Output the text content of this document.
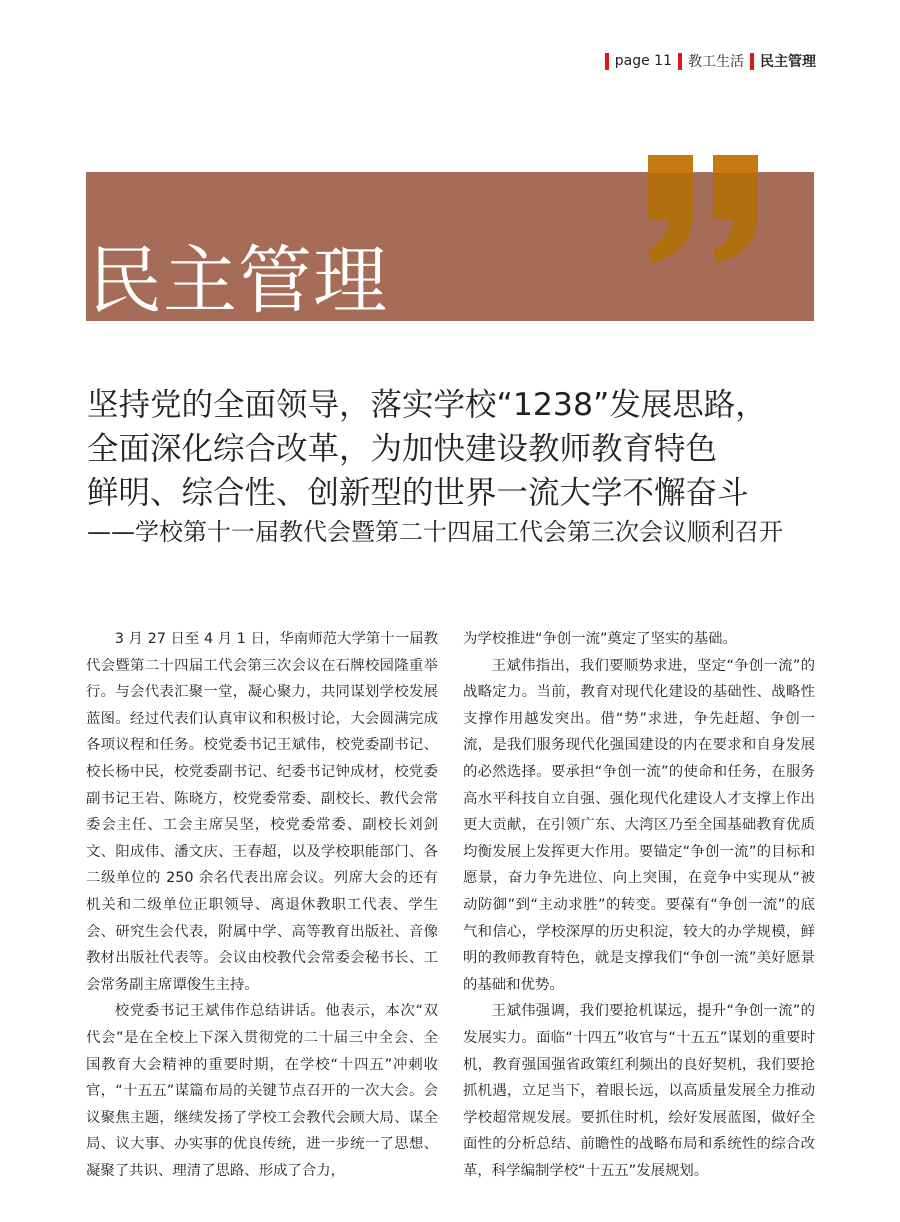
page 11 教工生活 民主管理
民主管理
坚持党的全面领导，落实学校“1238”发展思路，
全面深化综合改革，为加快建设教师教育特色
鲜明、综合性、创新型的世界一流大学不懈奋斗
——学校第十一届教代会暨第二十四届工代会第三次会议顺利召开

3 月 27 日至 4 月 1 日，华南师范大学第十一届教代会暨第二十四届工代会第三次会议在石牌校园隆重举行。与会代表汇聚一堂，凝心聚力，共同谋划学校发展蓝图。经过代表们认真审议和积极讨论，大会圆满完成各项议程和任务。校党委书记王斌伟，校党委副书记、校长杨中民，校党委副书记、纪委书记钟成材，校党委副书记王岩、陈晓方，校党委常委、副校长、教代会常委会主任、工会主席吴坚，校党委常委、副校长刘剑文、阳成伟、潘文庆、王春超，以及学校职能部门、各二级单位的 250 余名代表出席会议。列席大会的还有机关和二级单位正职领导、离退休教职工代表、学生会、研究生会代表，附属中学、高等教育出版社、音像教材出版社代表等。会议由校教代会常委会秘书长、工会常务副主席谭俊生主持。

校党委书记王斌伟作总结讲话。他表示，本次“双代会”是在全校上下深入贯彻党的二十届三中全会、全国教育大会精神的重要时期，在学校“十四五”冲刺收官，“十五五”谋篇布局的关键节点召开的一次大会。会议聚焦主题，继续发扬了学校工会教代会顾大局、谋全局、议大事、办实事的优良传统，进一步统一了思想、凝聚了共识、理清了思路、形成了合力，

为学校推进“争创一流”奠定了坚实的基础。

王斌伟指出，我们要顺势求进，坚定“争创一流”的战略定力。当前，教育对现代化建设的基础性、战略性支撑作用越发突出。借“势”求进，争先赶超、争创一流，是我们服务现代化强国建设的内在要求和自身发展的必然选择。要承担“争创一流”的使命和任务，在服务高水平科技自立自强、强化现代化建设人才支撑上作出更大贡献，在引领广东、大湾区乃至全国基础教育优质均衡发展上发挥更大作用。要锚定“争创一流”的目标和愿景，奋力争先进位、向上突围，在竞争中实现从“被动防御”到“主动求胜”的转变。要葆有“争创一流”的底气和信心，学校深厚的历史积淀，较大的办学规模，鲜明的教师教育特色，就是支撑我们“争创一流”美好愿景的基础和优势。

王斌伟强调，我们要抢机谋远，提升“争创一流”的发展实力。面临“十四五”收官与“十五五”谋划的重要时机，教育强国强省政策红利频出的良好契机，我们要抢抓机遇，立足当下，着眼长远，以高质量发展全力推动学校超常规发展。要抓住时机，绘好发展蓝图，做好全面性的分析总结、前瞻性的战略布局和系统性的综合改革，科学编制学校“十五五”发展规划。
